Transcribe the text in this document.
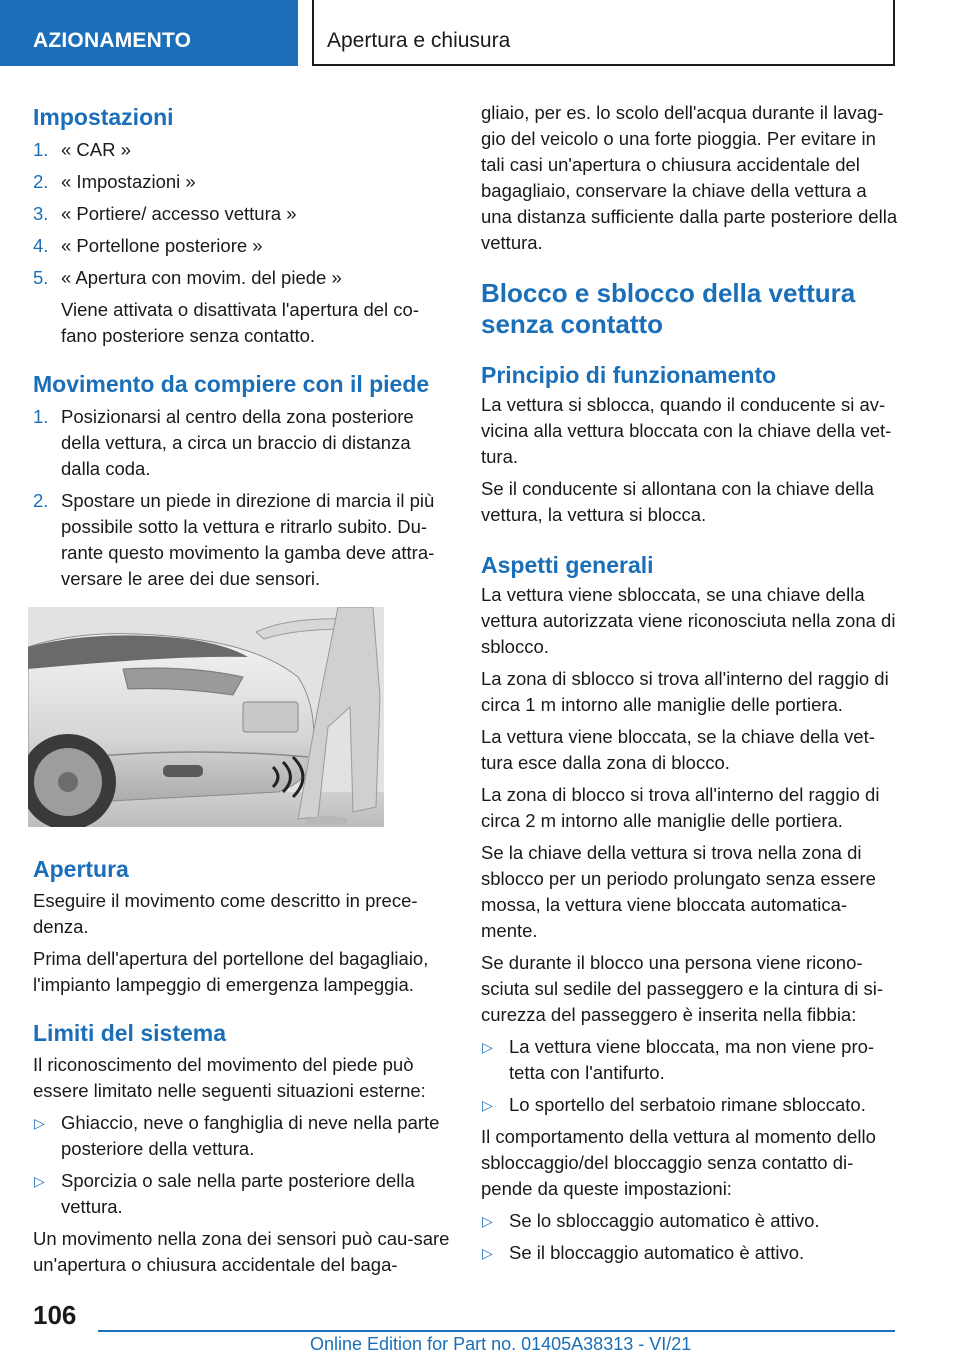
AZIONAMENTO	Apertura e chiusura
Impostazioni
1. « CAR »
2. « Impostazioni »
3. « Portiere/ accesso vettura »
4. « Portellone posteriore »
5. « Apertura con movim. del piede »

Viene attivata o disattivata l'apertura del co-fano posteriore senza contatto.

Movimento da compiere con il piede
1. Posizionarsi al centro della zona posteriore della vettura, a circa un braccio di distanza dalla coda.
2. Spostare un piede in direzione di marcia il più possibile sotto la vettura e ritrarlo subito. Du-rante questo movimento la gamba deve attra-versare le aree dei due sensori.
Apertura

Eseguire il movimento come descritto in prece-denza.

Prima dell'apertura del portellone del bagagliaio, l'impianto lampeggio di emergenza lampeggia.

Limiti del sistema

Il riconoscimento del movimento del piede può essere limitato nelle seguenti situazioni esterne:

▷ Ghiaccio, neve o fanghiglia di neve nella parte posteriore della vettura.
▷ Sporcizia o sale nella parte posteriore della vettura.

Un movimento nella zona dei sensori può cau-sare un'apertura o chiusura accidentale del baga-

gliaio, per es. lo scolo dell'acqua durante il lavag-gio del veicolo o una forte pioggia. Per evitare in tali casi un'apertura o chiusura accidentale del bagagliaio, conservare la chiave della vettura a una distanza sufficiente dalla parte posteriore della vettura.

Blocco e sblocco della vettura senza contatto
Principio di funzionamento

La vettura si sblocca, quando il conducente si av-vicina alla vettura bloccata con la chiave della vet-tura.

Se il conducente si allontana con la chiave della vettura, la vettura si blocca.

Aspetti generali

La vettura viene sbloccata, se una chiave della vettura autorizzata viene riconosciuta nella zona di sblocco.

La zona di sblocco si trova all'interno del raggio di circa 1 m intorno alle maniglie delle portiera.

La vettura viene bloccata, se la chiave della vet-tura esce dalla zona di blocco.

La zona di blocco si trova all'interno del raggio di circa 2 m intorno alle maniglie delle portiera.

Se la chiave della vettura si trova nella zona di sblocco per un periodo prolungato senza essere mossa, la vettura viene bloccata automatica-mente.

Se durante il blocco una persona viene ricono-sciuta sul sedile del passeggero e la cintura di si-curezza del passeggero è inserita nella fibbia:

▷ La vettura viene bloccata, ma non viene pro-tetta con l'antifurto.
▷ Lo sportello del serbatoio rimane sbloccato.

Il comportamento della vettura al momento dello sbloccaggio/del bloccaggio senza contatto di-pende da queste impostazioni:

▷ Se lo sbloccaggio automatico è attivo.
▷ Se il bloccaggio automatico è attivo.
106
Online Edition for Part no. 01405A38313 - VI/21
